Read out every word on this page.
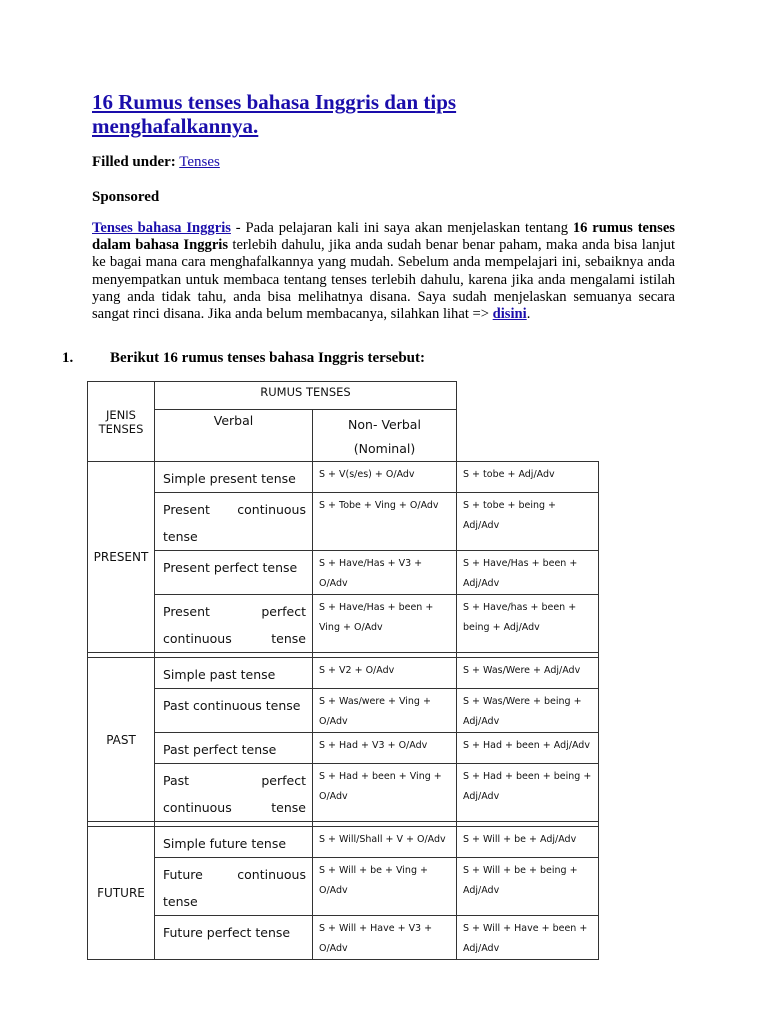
16 Rumus tenses bahasa Inggris dan tips menghafalkannya.
Filled under: Tenses
Sponsored
Tenses bahasa Inggris - Pada pelajaran kali ini saya akan menjelaskan tentang 16 rumus tenses dalam bahasa Inggris terlebih dahulu, jika anda sudah benar benar paham, maka anda bisa lanjut ke bagai mana cara menghafalkannya yang mudah. Sebelum anda mempelajari ini, sebaiknya anda menyempatkan untuk membaca tentang tenses terlebih dahulu, karena jika anda mengalami istilah yang anda tidak tahu, anda bisa melihatnya disana. Saya sudah menjelaskan semuanya secara sangat rinci disana. Jika anda belum membacanya, silahkan lihat => disini.
1. Berikut 16 rumus tenses bahasa Inggris tersebut:
JENIS TENSES	RUMUS TENSES		
	Verbal	Non- Verbal
(Nominal)	
PRESENT	Simple present tense	S + V(s/es) + O/Adv	S + tobe + Adj/Adv
	Present continuous tense	S + Tobe + Ving + O/Adv	S + tobe + being + Adj/Adv
	Present perfect tense	S + Have/Has + V3 + O/Adv	S + Have/Has + been + Adj/Adv
	Present perfect continuous tense	S + Have/Has + been + Ving + O/Adv	S + Have/has + been + being + Adj/Adv

PAST	Simple past tense	S + V2 + O/Adv	S + Was/Were + Adj/Adv
	Past continuous tense	S + Was/were + Ving + O/Adv	S + Was/Were + being + Adj/Adv
	Past perfect tense	S + Had + V3 + O/Adv	S + Had + been + Adj/Adv
	Past perfect continuous tense	S + Had + been + Ving + O/Adv	S + Had + been + being + Adj/Adv

FUTURE	Simple future tense	S + Will/Shall + V + O/Adv	S + Will + be + Adj/Adv
	Future continuous tense	S + Will + be + Ving + O/Adv	S + Will + be + being + Adj/Adv
	Future perfect tense	S + Will + Have + V3 + O/Adv	S + Will + Have + been + Adj/Adv
